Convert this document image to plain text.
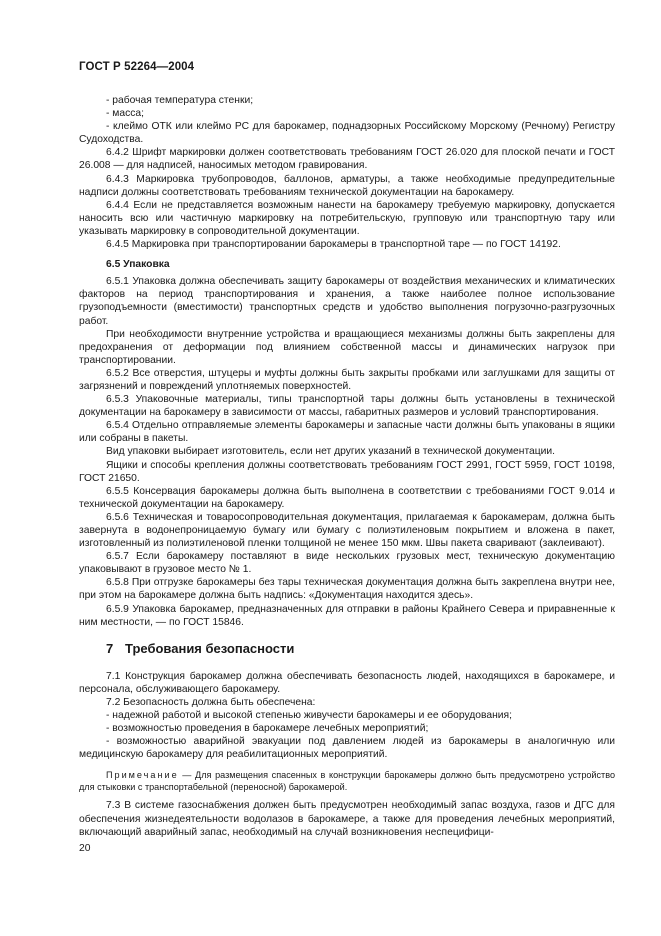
ГОСТ Р 52264—2004

- рабочая температура стенки;

- масса;

- клеймо ОТК или клеймо РС для барокамер, поднадзорных Российскому Морскому (Речному) Регистру Судоходства.

6.4.2 Шрифт маркировки должен соответствовать требованиям ГОСТ 26.020 для плоской печати и ГОСТ 26.008 — для надписей, наносимых методом гравирования.

6.4.3 Маркировка трубопроводов, баллонов, арматуры, а также необходимые предупредительные надписи должны соответствовать требованиям технической документации на барокамеру.

6.4.4 Если не представляется возможным нанести на барокамеру требуемую маркировку, допускается наносить всю или частичную маркировку на потребительскую, групповую или транспортную тару или указывать маркировку в сопроводительной документации.

6.4.5 Маркировка при транспортировании барокамеры в транспортной таре — по ГОСТ 14192.

6.5 Упаковка

6.5.1 Упаковка должна обеспечивать защиту барокамеры от воздействия механических и климатических факторов на период транспортирования и хранения, а также наиболее полное использование грузоподъемности (вместимости) транспортных средств и удобство выполнения погрузочно-разгрузочных работ.

При необходимости внутренние устройства и вращающиеся механизмы должны быть закреплены для предохранения от деформации под влиянием собственной массы и динамических нагрузок при транспортировании.

6.5.2 Все отверстия, штуцеры и муфты должны быть закрыты пробками или заглушками для защиты от загрязнений и повреждений уплотняемых поверхностей.

6.5.3 Упаковочные материалы, типы транспортной тары должны быть установлены в технической документации на барокамеру в зависимости от массы, габаритных размеров и условий транспортирования.

6.5.4 Отдельно отправляемые элементы барокамеры и запасные части должны быть упакованы в ящики или собраны в пакеты.

Вид упаковки выбирает изготовитель, если нет других указаний в технической документации.

Ящики и способы крепления должны соответствовать требованиям ГОСТ 2991, ГОСТ 5959, ГОСТ 10198, ГОСТ 21650.

6.5.5 Консервация барокамеры должна быть выполнена в соответствии с требованиями ГОСТ 9.014 и технической документации на барокамеру.

6.5.6 Техническая и товаросопроводительная документация, прилагаемая к барокамерам, должна быть завернута в водонепроницаемую бумагу или бумагу с полиэтиленовым покрытием и вложена в пакет, изготовленный из полиэтиленовой пленки толщиной не менее 150 мкм. Швы пакета сваривают (заклеивают).

6.5.7 Если барокамеру поставляют в виде нескольких грузовых мест, техническую документацию упаковывают в грузовое место № 1.

6.5.8 При отгрузке барокамеры без тары техническая документация должна быть закреплена внутри нее, при этом на барокамере должна быть надпись: «Документация находится здесь».

6.5.9 Упаковка барокамер, предназначенных для отправки в районы Крайнего Севера и приравненные к ним местности, — по ГОСТ 15846.

7 Требования безопасности

7.1 Конструкция барокамер должна обеспечивать безопасность людей, находящихся в барокамере, и персонала, обслуживающего барокамеру.

7.2 Безопасность должна быть обеспечена:

- надежной работой и высокой степенью живучести барокамеры и ее оборудования;

- возможностью проведения в барокамере лечебных мероприятий;

- возможностью аварийной эвакуации под давлением людей из барокамеры в аналогичную или медицинскую барокамеру для реабилитационных мероприятий.

Примечание — Для размещения спасенных в конструкции барокамеры должно быть предусмотрено устройство для стыковки с транспортабельной (переносной) барокамерой.

7.3 В системе газоснабжения должен быть предусмотрен необходимый запас воздуха, газов и ДГС для обеспечения жизнедеятельности водолазов в барокамере, а также для проведения лечебных мероприятий, включающий аварийный запас, необходимый на случай возникновения неспецифици-

20
